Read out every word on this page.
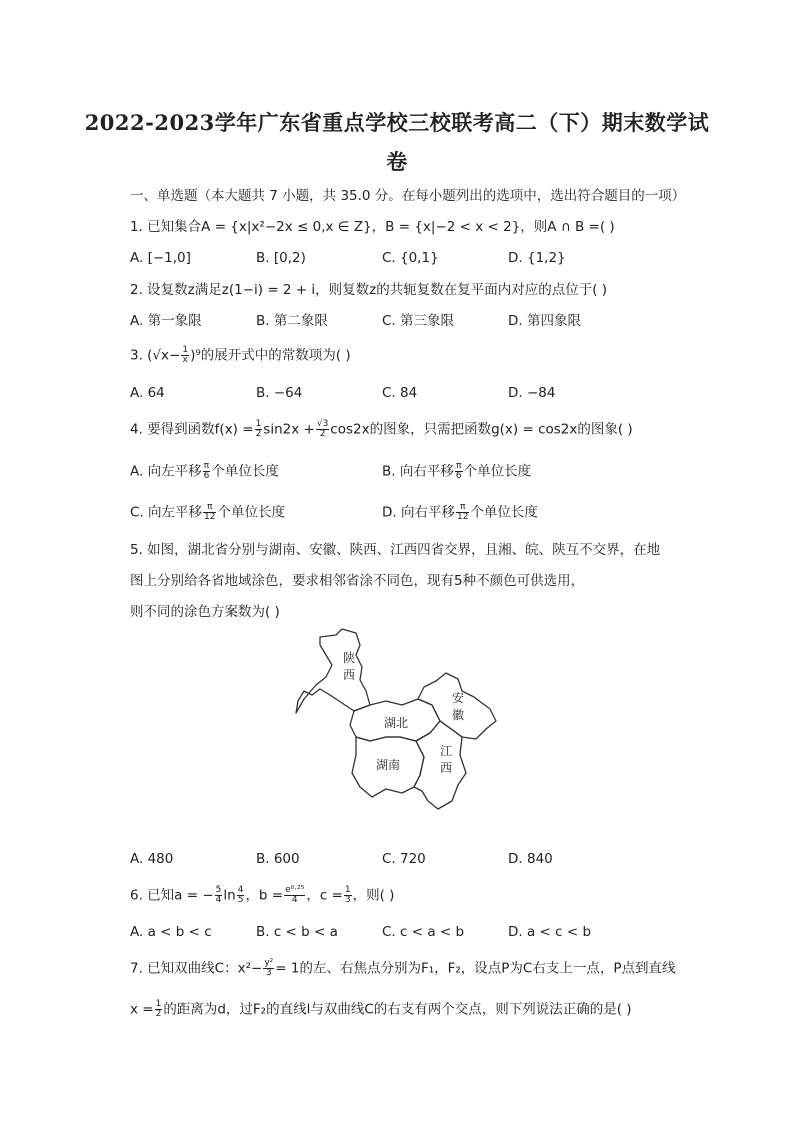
2022-2023学年广东省重点学校三校联考高二（下）期末数学试
卷
一、单选题（本大题共 7 小题，共 35.0 分。在每小题列出的选项中，选出符合题目的一项）
1. 已知集合A = {x|x²−2x ≤ 0,x ∈ Z}，B = {x|−2 < x < 2}，则A ∩ B =( )
A. [−1,0]	B. [0,2)	C. {0,1}	D. {1,2}
2. 设复数z满足z(1−i) = 2 + i，则复数z的共轭复数在复平面内对应的点位于( )
A. 第一象限	B. 第二象限	C. 第三象限	D. 第四象限
3. $(√x- \frac{1}{x} )^9$的展开式中的常数项为( )
A. 64	B. −64	C. 84	D. −84
4. 要得到函数$f(x) = \frac{1}{2} \sin 2x + \frac{√3}{2} \cos 2x$的图象，只需把函数g(x) = cos2x的图象( )
A. 向左平移 $\frac{\pi}{6}$ 个单位长度	B. 向右平移 $\frac{\pi}{6}$ 个单位长度
C. 向左平移 $\frac{\pi}{12}$ 个单位长度	D. 向右平移 $\frac{\pi}{12}$ 个单位长度
5. 如图，湖北省分别与湖南、安徽、陕西、江西四省交界，且湘、皖、陕互不交界，在地
图上分别给各省地域涂色，要求相邻省涂不同色，现有5种不颜色可供选用，
则不同的涂色方案数为( )
陕
西
安
徽
湖北
湖南
江
西
A. 480	B. 600	C. 720	D. 840
6. 已知a = − $\frac{5}{4}$ $\ln \frac{4}{5}$ ，$b = \frac{\text{e⁰·²⁵}}{4}$ ，$c = \frac{1}{3}$ ，则( )
A. a < b < c	B. c < b < a	C. c < a < b	D. a < c < b
7. 已知双曲线C：$x^2- \frac{\text{y²}}{3} = 1$的左、右焦点分别为F₁，F₂，设点P为C右支上一点，P点到直线
$x = \frac{1}{2}$ 的距离为d，过F₂的直线l与双曲线C的右支有两个交点，则下列说法正确的是( )
